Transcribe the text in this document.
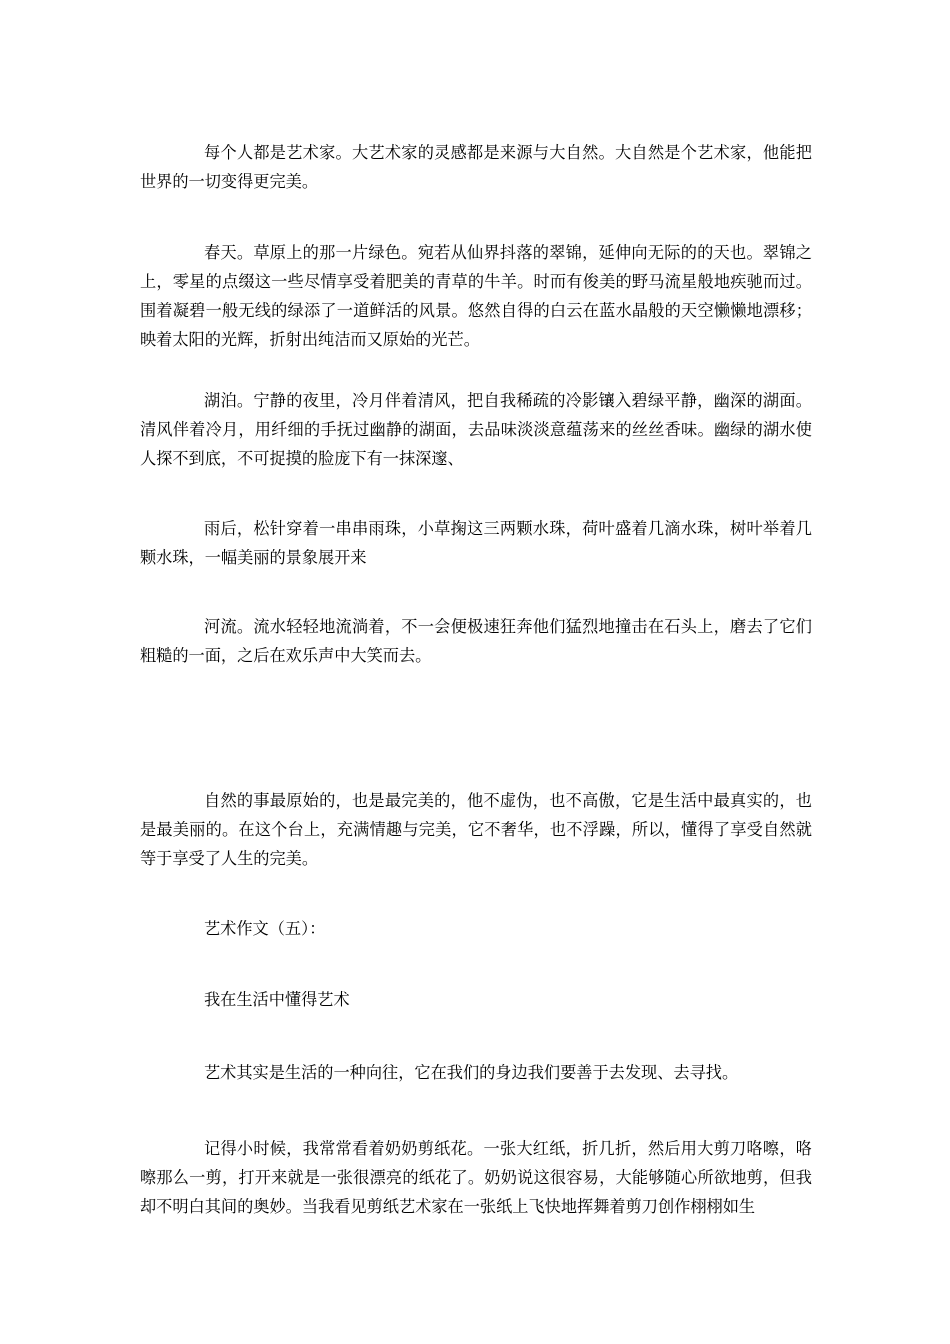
每个人都是艺术家。大艺术家的灵感都是来源与大自然。大自然是个艺术家，他能把世界的一切变得更完美。

春天。草原上的那一片绿色。宛若从仙界抖落的翠锦，延伸向无际的的天也。翠锦之上，零星的点缀这一些尽情享受着肥美的青草的牛羊。时而有俊美的野马流星般地疾驰而过。围着凝碧一般无线的绿添了一道鲜活的风景。悠然自得的白云在蓝水晶般的天空懒懒地漂移；映着太阳的光辉，折射出纯洁而又原始的光芒。

湖泊。宁静的夜里，冷月伴着清风，把自我稀疏的冷影镶入碧绿平静，幽深的湖面。清风伴着冷月，用纤细的手抚过幽静的湖面，去品味淡淡意蕴荡来的丝丝香味。幽绿的湖水使人探不到底，不可捉摸的脸庞下有一抹深邃、

雨后，松针穿着一串串雨珠，小草掬这三两颗水珠，荷叶盛着几滴水珠，树叶举着几颗水珠，一幅美丽的景象展开来

河流。流水轻轻地流淌着，不一会便极速狂奔他们猛烈地撞击在石头上，磨去了它们粗糙的一面，之后在欢乐声中大笑而去。

自然的事最原始的，也是最完美的，他不虚伪，也不高傲，它是生活中最真实的，也是最美丽的。在这个台上，充满情趣与完美，它不奢华，也不浮躁，所以，懂得了享受自然就等于享受了人生的完美。

艺术作文（五）：

我在生活中懂得艺术

艺术其实是生活的一种向往，它在我们的身边我们要善于去发现、去寻找。

记得小时候，我常常看着奶奶剪纸花。一张大红纸，折几折，然后用大剪刀咯嚓，咯嚓那么一剪，打开来就是一张很漂亮的纸花了。奶奶说这很容易，大能够随心所欲地剪，但我却不明白其间的奥妙。当我看见剪纸艺术家在一张纸上飞快地挥舞着剪刀创作栩栩如生
